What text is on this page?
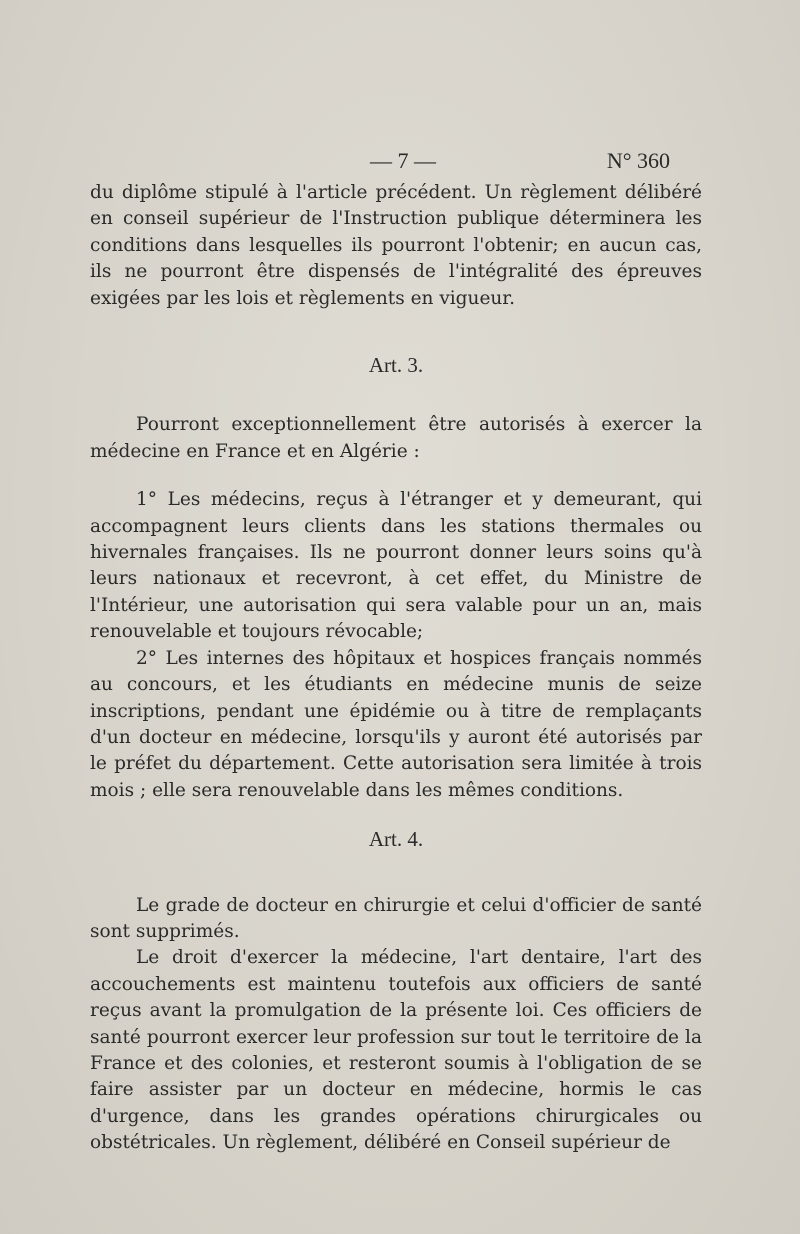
— 7 —	N° 360

du diplôme stipulé à l'article précédent. Un règlement délibéré en conseil supérieur de l'Instruction publique déterminera les conditions dans lesquelles ils pourront l'obtenir; en aucun cas, ils ne pourront être dispensés de l'intégralité des épreuves exigées par les lois et règlements en vigueur.

Art. 3.

Pourront exceptionnellement être autorisés à exercer la médecine en France et en Algérie :

1° Les médecins, reçus à l'étranger et y demeurant, qui accompagnent leurs clients dans les stations thermales ou hivernales françaises. Ils ne pourront donner leurs soins qu'à leurs nationaux et recevront, à cet effet, du Ministre de l'Intérieur, une autorisation qui sera valable pour un an, mais renouvelable et toujours révocable;

2° Les internes des hôpitaux et hospices français nommés au concours, et les étudiants en médecine munis de seize inscriptions, pendant une épidémie ou à titre de remplaçants d'un docteur en médecine, lorsqu'ils y auront été autorisés par le préfet du département. Cette autorisation sera limitée à trois mois ; elle sera renouvelable dans les mêmes conditions.

Art. 4.

Le grade de docteur en chirurgie et celui d'officier de santé sont supprimés.

Le droit d'exercer la médecine, l'art dentaire, l'art des accouchements est maintenu toutefois aux officiers de santé reçus avant la promulgation de la présente loi. Ces officiers de santé pourront exercer leur profession sur tout le territoire de la France et des colonies, et resteront soumis à l'obligation de se faire assister par un docteur en médecine, hormis le cas d'urgence, dans les grandes opérations chirurgicales ou obstétricales. Un règlement, délibéré en Conseil supérieur de
